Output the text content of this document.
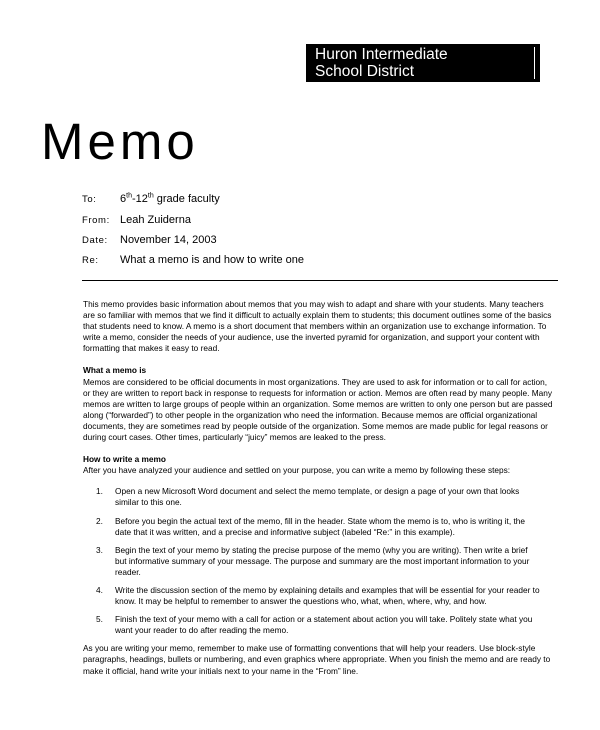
Huron Intermediate
School District
Memo
To: 6th-12th grade faculty
From: Leah Zuiderna
Date: November 14, 2003
Re: What a memo is and how to write one

This memo provides basic information about memos that you may wish to adapt and share with your students. Many teachers are so familiar with memos that we find it difficult to actually explain them to students; this document outlines some of the basics that students need to know. A memo is a short document that members within an organization use to exchange information. To write a memo, consider the needs of your audience, use the inverted pyramid for organization, and support your content with formatting that makes it easy to read.

What a memo is

Memos are considered to be official documents in most organizations. They are used to ask for information or to call for action, or they are written to report back in response to requests for information or action. Memos are often read by many people. Many memos are written to large groups of people within an organization. Some memos are written to only one person but are passed along (“forwarded”) to other people in the organization who need the information. Because memos are official organizational documents, they are sometimes read by people outside of the organization. Some memos are made public for legal reasons or during court cases. Other times, particularly “juicy” memos are leaked to the press.

How to write a memo

After you have analyzed your audience and settled on your purpose, you can write a memo by following these steps:

1.	Open a new Microsoft Word document and select the memo template, or design a page of your own that looks similar to this one.
2.	Before you begin the actual text of the memo, fill in the header. State whom the memo is to, who is writing it, the date that it was written, and a precise and informative subject (labeled “Re:” in this example).
3.	Begin the text of your memo by stating the precise purpose of the memo (why you are writing). Then write a brief but informative summary of your message. The purpose and summary are the most important information to your reader.
4.	Write the discussion section of the memo by explaining details and examples that will be essential for your reader to know. It may be helpful to remember to answer the questions who, what, when, where, why, and how.
5.	Finish the text of your memo with a call for action or a statement about action you will take. Politely state what you want your reader to do after reading the memo.

As you are writing your memo, remember to make use of formatting conventions that will help your readers. Use block-style paragraphs, headings, bullets or numbering, and even graphics where appropriate. When you finish the memo and are ready to make it official, hand write your initials next to your name in the “From” line.
